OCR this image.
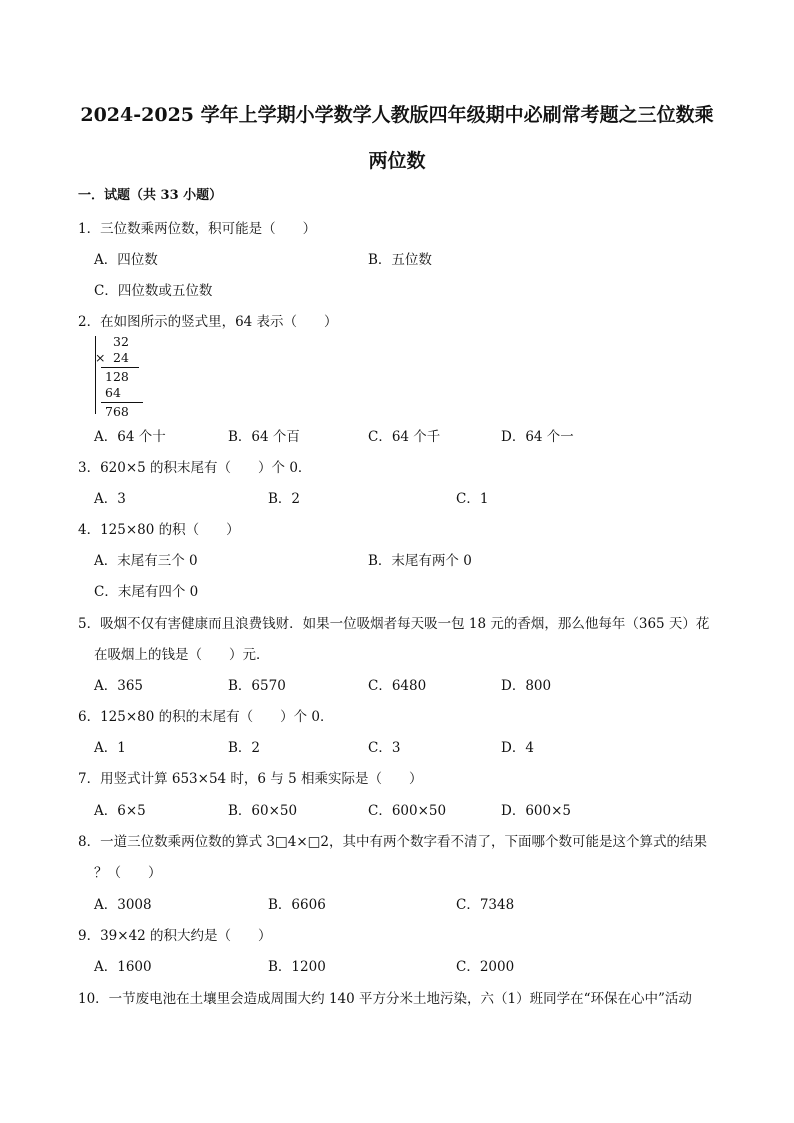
2024-2025 学年上学期小学数学人教版四年级期中必刷常考题之三位数乘
两位数
一．试题（共 33 小题）
1．三位数乘两位数，积可能是（　　）
A．四位数	B．五位数
C．四位数或五位数
2．在如图所示的竖式里，64 表示（　　）
32
× 24
128
64
768
A．64 个十	B．64 个百	C．64 个千	D．64 个一
3．620×5 的积末尾有（　　）个 0．
A．3	B．2	C．1
4．125×80 的积（　　）
A．末尾有三个 0	B．末尾有两个 0
C．末尾有四个 0
5．吸烟不仅有害健康而且浪费钱财．如果一位吸烟者每天吸一包 18 元的香烟，那么他每年（365 天）花
在吸烟上的钱是（　　）元．
A．365	B．6570	C．6480	D．800
6．125×80 的积的末尾有（　　）个 0．
A．1	B．2	C．3	D．4
7．用竖式计算 653×54 时，6 与 5 相乘实际是（　　）
A．6×5	B．60×50	C．600×50	D．600×5
8．一道三位数乘两位数的算式 3□4×□2，其中有两个数字看不清了，下面哪个数可能是这个算式的结果
？（　　）
A．3008	B．6606	C．7348
9．39×42 的积大约是（　　）
A．1600	B．1200	C．2000
10．一节废电池在土壤里会造成周围大约 140 平方分米土地污染，六（1）班同学在“环保在心中”活动
